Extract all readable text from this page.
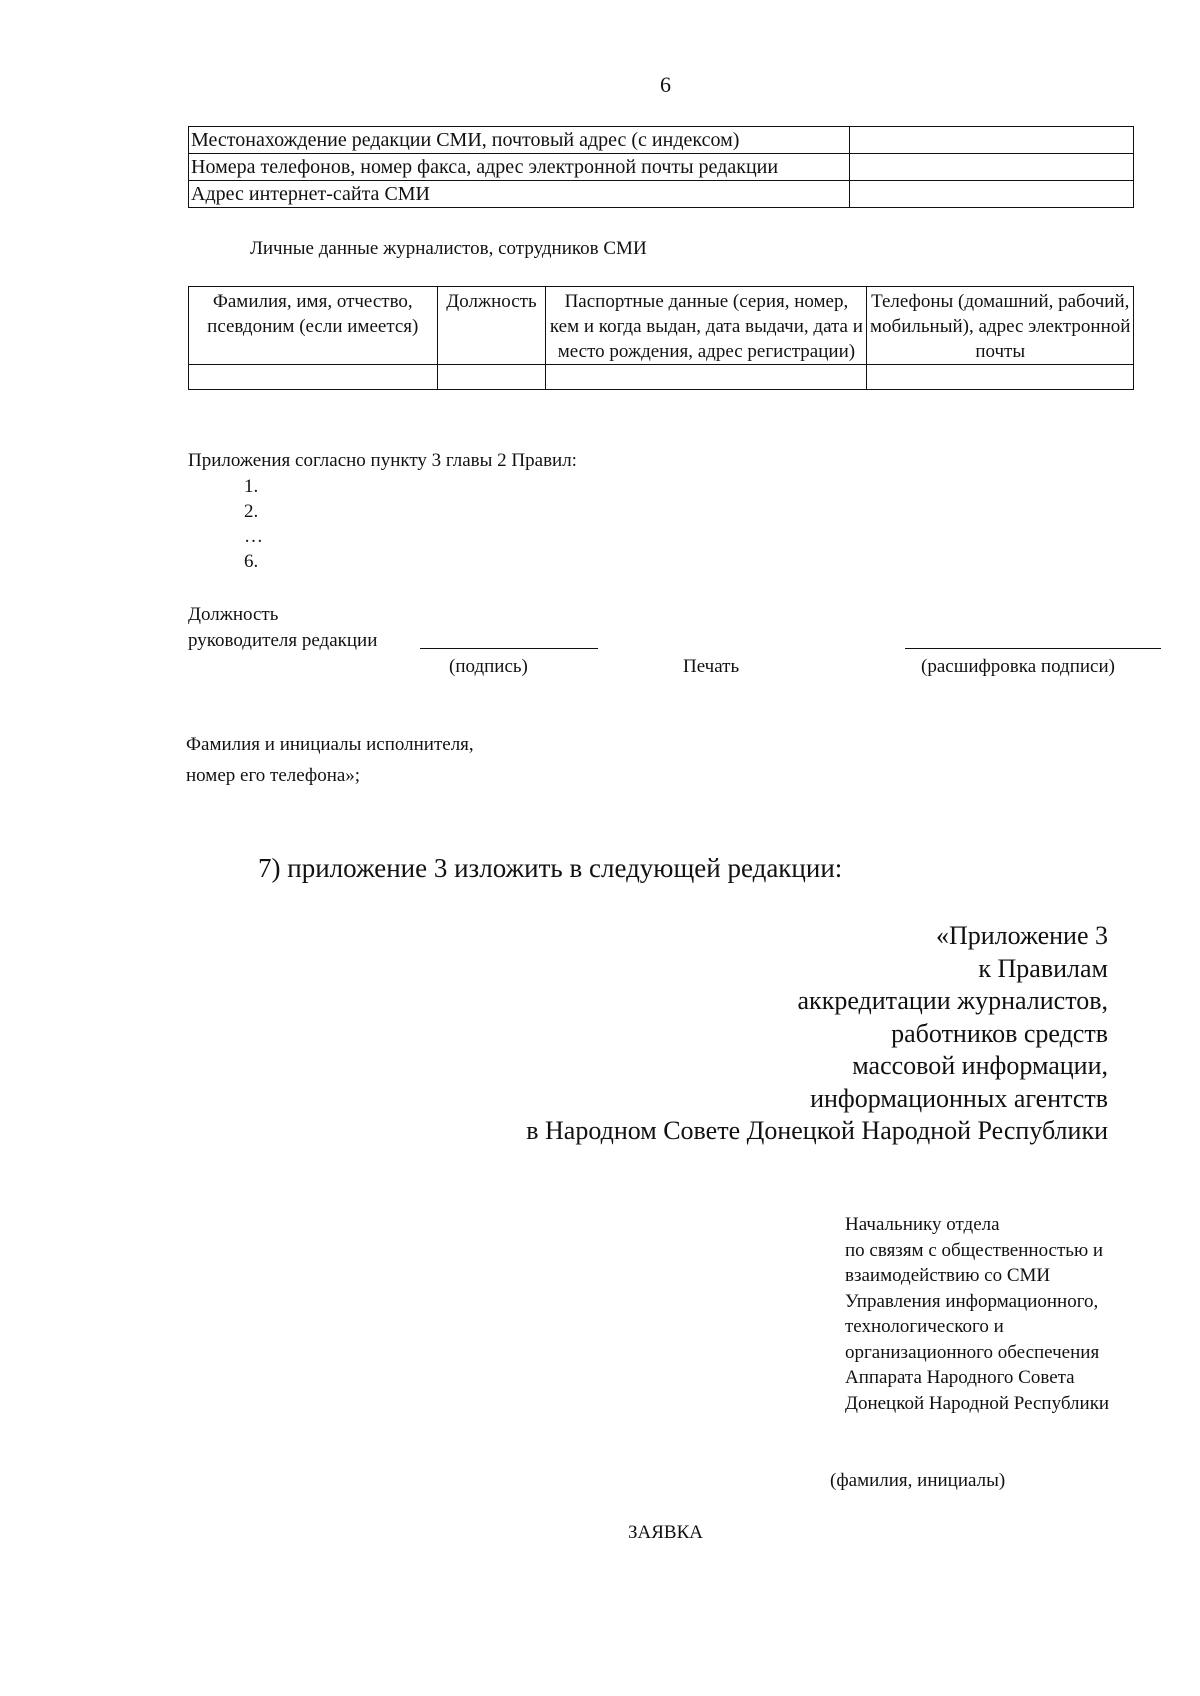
6
Местонахождение редакции СМИ, почтовый адрес (с индексом)	
Номера телефонов, номер факса, адрес электронной почты редакции	
Адрес интернет-сайта СМИ	
Личные данные журналистов, сотрудников СМИ
Фамилия, имя, отчество, псевдоним (если имеется)	Должность	Паспортные данные (серия, номер, кем и когда выдан, дата выдачи, дата и место рождения, адрес регистрации)	Телефоны (домашний, рабочий, мобильный), адрес электронной почты

Приложения согласно пункту 3 главы 2 Правил:
1.
2.
…
6.
Должность
руководителя редакции
(подпись)	Печать	(расшифровка подписи)
Фамилия и инициалы исполнителя,
номер его телефона»;
7) приложение 3 изложить в следующей редакции:
«Приложение 3
к Правилам
аккредитации журналистов,
работников средств
массовой информации,
информационных агентств
в Народном Совете Донецкой Народной Республики
Начальнику отдела
по связям с общественностью и
взаимодействию со СМИ
Управления информационного,
технологического и
организационного обеспечения
Аппарата Народного Совета
Донецкой Народной Республики
(фамилия, инициалы)
ЗАЯВКА
